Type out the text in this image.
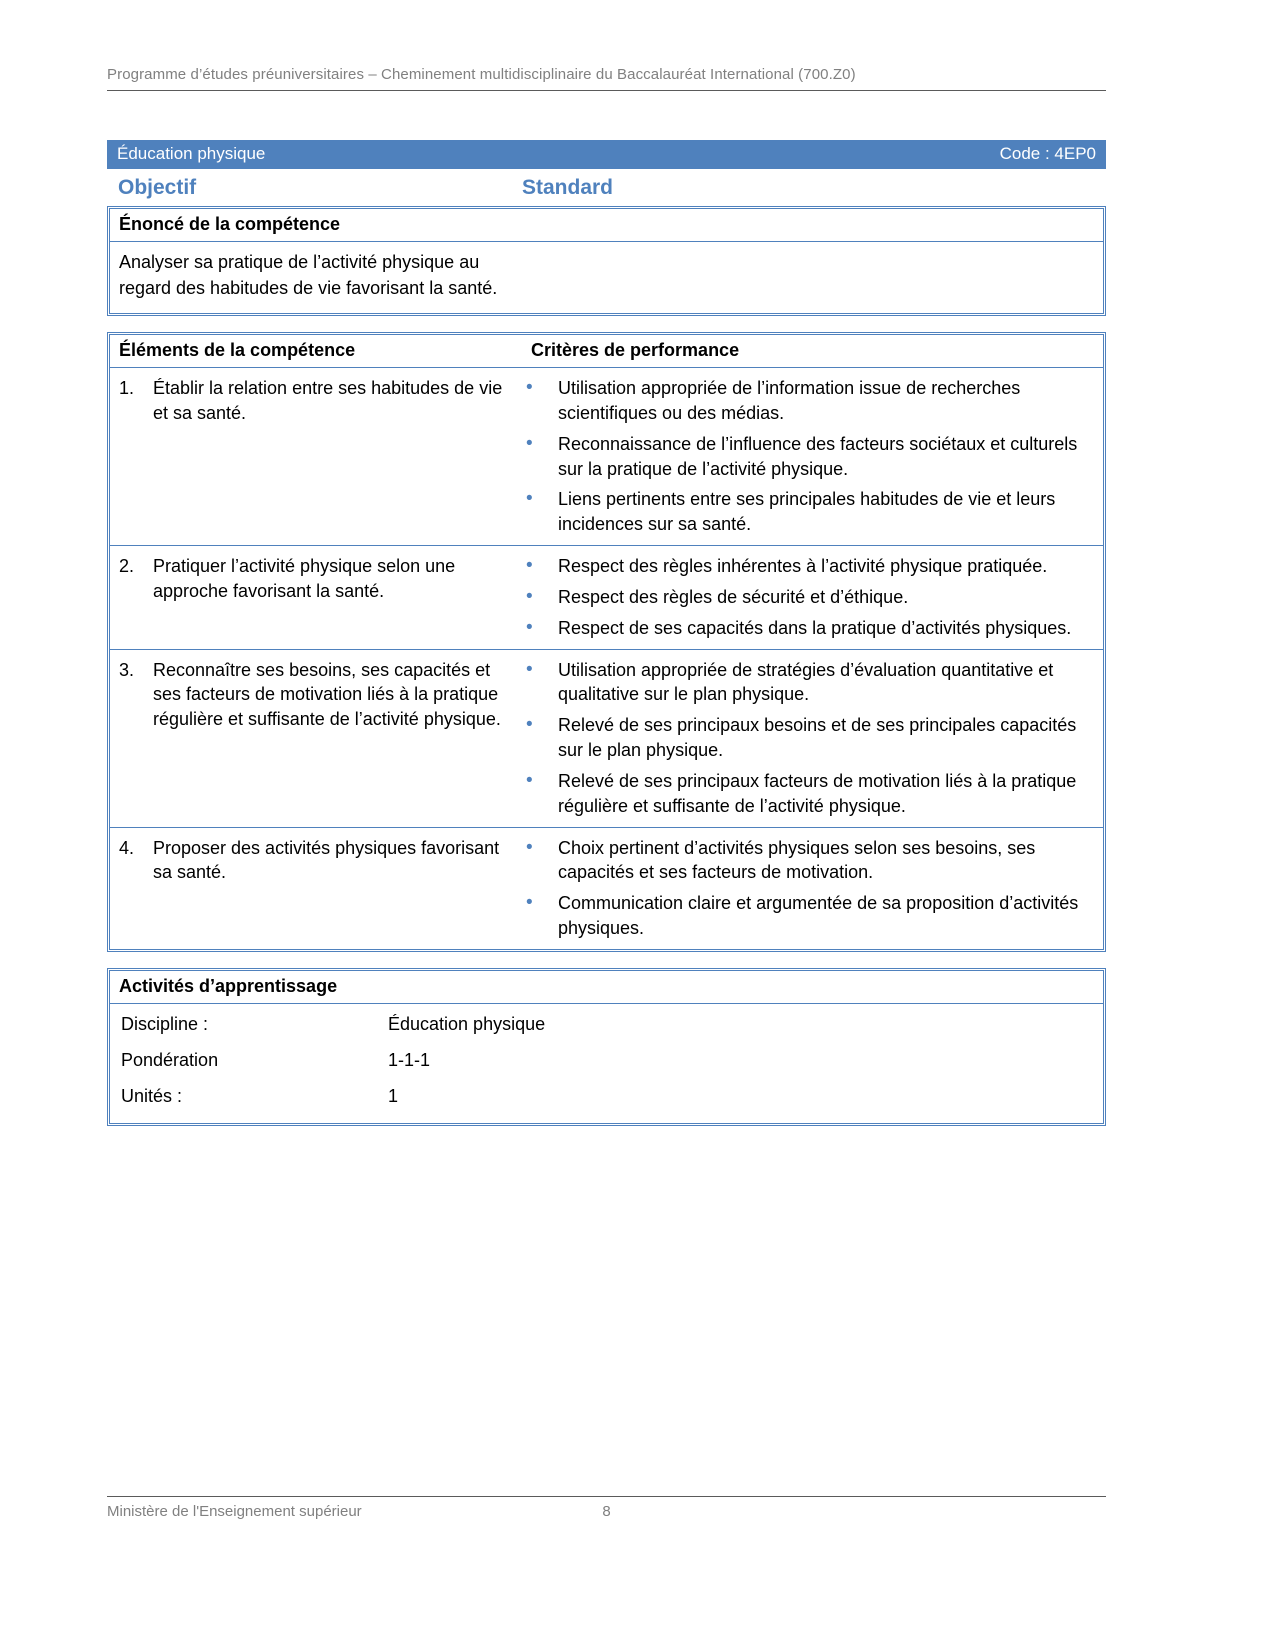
Programme d’études préuniversitaires – Cheminement multidisciplinaire du Baccalauréat International (700.Z0)
Éducation physique	Code : 4EP0
Objectif	Standard
Énoncé de la compétence
Analyser sa pratique de l’activité physique au regard des habitudes de vie favorisant la santé.
Éléments de la compétence	Critères de performance
1.	Établir la relation entre ses habitudes de vie et sa santé.
•	Utilisation appropriée de l’information issue de recherches scientifiques ou des médias.
•	Reconnaissance de l’influence des facteurs sociétaux et culturels sur la pratique de l’activité physique.
•	Liens pertinents entre ses principales habitudes de vie et leurs incidences sur sa santé.
2.	Pratiquer l’activité physique selon une approche favorisant la santé.
•	Respect des règles inhérentes à l’activité physique pratiquée.
•	Respect des règles de sécurité et d’éthique.
•	Respect de ses capacités dans la pratique d’activités physiques.
3.	Reconnaître ses besoins, ses capacités et ses facteurs de motivation liés à la pratique régulière et suffisante de l’activité physique.
•	Utilisation appropriée de stratégies d’évaluation quantitative et qualitative sur le plan physique.
•	Relevé de ses principaux besoins et de ses principales capacités sur le plan physique.
•	Relevé de ses principaux facteurs de motivation liés à la pratique régulière et suffisante de l’activité physique.
4.	Proposer des activités physiques favorisant sa santé.
•	Choix pertinent d’activités physiques selon ses besoins, ses capacités et ses facteurs de motivation.
•	Communication claire et argumentée de sa proposition d’activités physiques.
Activités d’apprentissage
Discipline :	Éducation physique
Pondération	1-1-1
Unités :	1
Ministère de l'Enseignement supérieur	8
